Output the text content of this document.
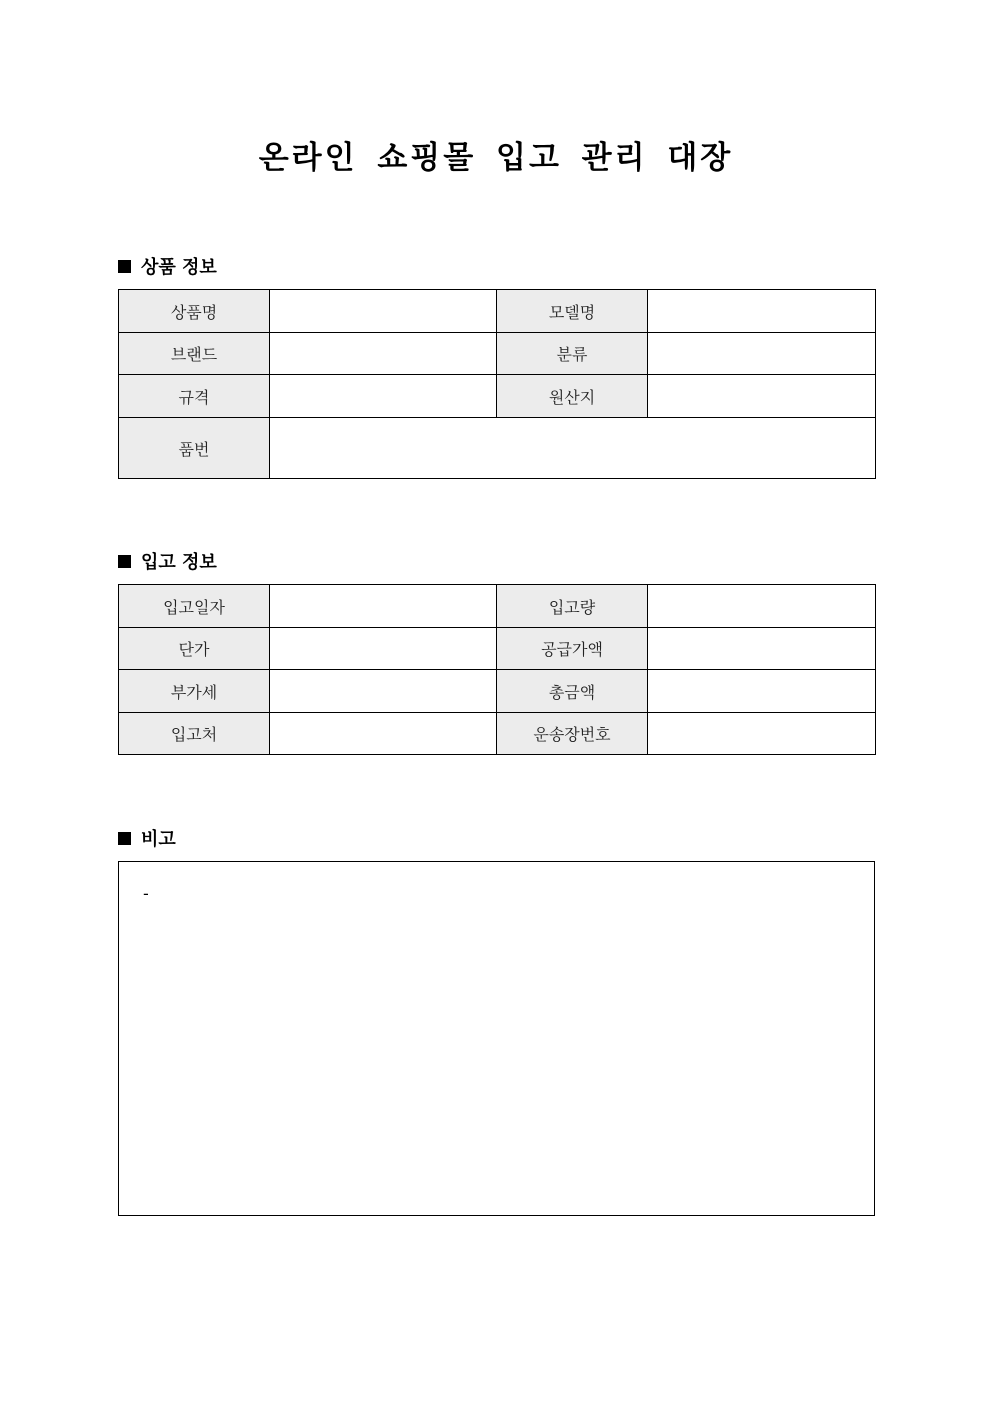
온라인 쇼핑몰 입고 관리 대장
상품 정보
상품명		모델명	
브랜드		분류	
규격		원산지	
품번			
입고 정보
입고일자		입고량	
단가		공급가액	
부가세		총금액	
입고처		운송장번호	
비고
-
